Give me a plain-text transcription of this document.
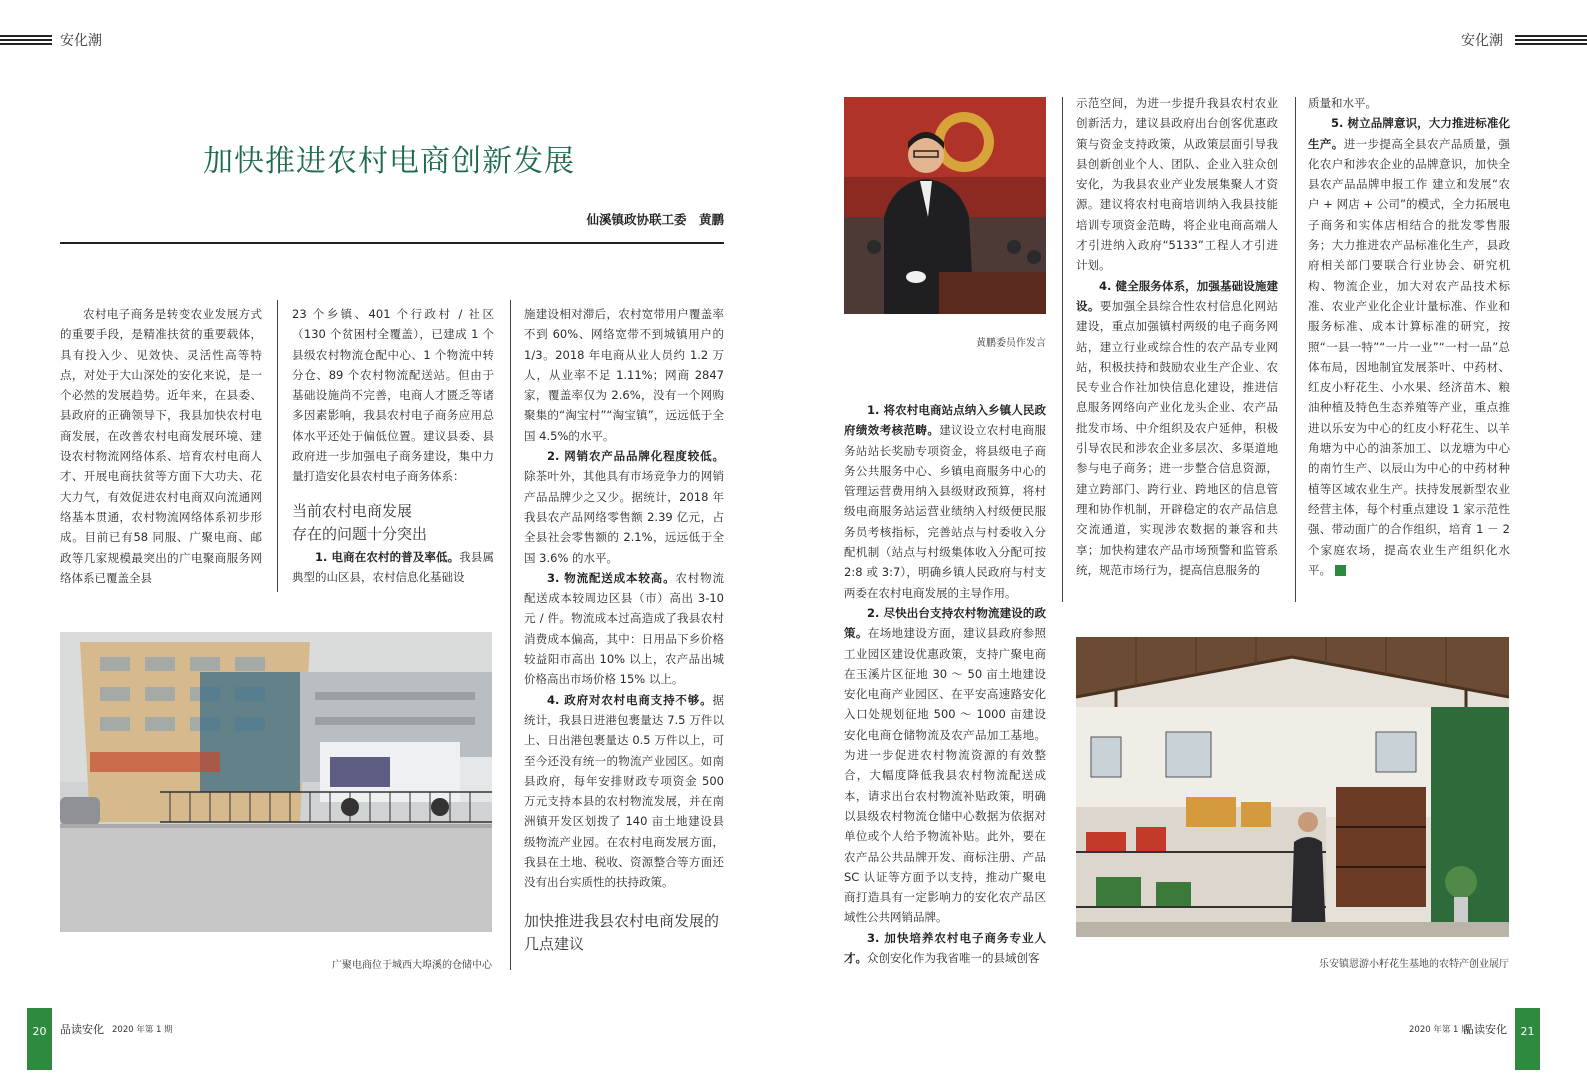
安化潮	安化潮
加快推进农村电商创新发展
仙溪镇政协联工委　黄鹏

农村电子商务是转变农业发展方式的重要手段，是精准扶贫的重要载体，具有投入少、见效快、灵活性高等特点，对处于大山深处的安化来说，是一个必然的发展趋势。近年来，在县委、县政府的正确领导下，我县加快农村电商发展，在改善农村电商发展环境、建设农村物流网络体系、培育农村电商人才、开展电商扶贫等方面下大功夫、花大力气，有效促进农村电商双向流通网络基本贯通，农村物流网络体系初步形成。目前已有58 同服、广聚电商、邮政等几家规模最突出的广电聚商服务网络体系已覆盖全县

23 个乡镇、401 个行政村 / 社区（130 个贫困村全覆盖），已建成 1 个县级农村物流仓配中心、1 个物流中转分仓、89 个农村物流配送站。但由于基础设施尚不完善，电商人才匮乏等诸多因素影响，我县农村电子商务应用总体水平还处于偏低位置。建议县委、县政府进一步加强电子商务建设，集中力量打造安化县农村电子商务体系：

当前农村电商发展
存在的问题十分突出

1. 电商在农村的普及率低。我县属典型的山区县，农村信息化基础设

施建设相对滞后，农村宽带用户覆盖率不到 60%、网络宽带不到城镇用户的 1/3。2018 年电商从业人员约 1.2 万人，从业率不足 1.11%；网商 2847 家，覆盖率仅为 2.6%，没有一个网购聚集的“淘宝村”“淘宝镇”，远远低于全国 4.5%的水平。

2. 网销农产品品牌化程度较低。除茶叶外，其他具有市场竞争力的网销产品品牌少之又少。据统计，2018 年我县农产品网络零售额 2.39 亿元，占全县社会零售额的 2.1%，远远低于全国 3.6% 的水平。

3. 物流配送成本较高。农村物流配送成本较周边区县（市）高出 3-10 元 / 件。物流成本过高造成了我县农村消费成本偏高，其中：日用品下乡价格较益阳市高出 10% 以上，农产品出城价格高出市场价格 15% 以上。

4. 政府对农村电商支持不够。据统计，我县日进港包裹量达 7.5 万件以上、日出港包裹量达 0.5 万件以上，可至今还没有统一的物流产业园区。如南县政府，每年安排财政专项资金 500 万元支持本县的农村物流发展，并在南洲镇开发区划拨了 140 亩土地建设县级物流产业园。在农村电商发展方面，我县在土地、税收、资源整合等方面还没有出台实质性的扶持政策。

加快推进我县农村电商发展的
几点建议
广聚电商位于城西大埠溪的仓储中心
黄鹏委员作发言

1. 将农村电商站点纳入乡镇人民政府绩效考核范畴。建议设立农村电商服务站站长奖励专项资金，将县级电子商务公共服务中心、乡镇电商服务中心的管理运营费用纳入县级财政预算，将村级电商服务站运营业绩纳入村级便民服务员考核指标，完善站点与村委收入分配机制（站点与村级集体收入分配可按 2:8 或 3:7），明确乡镇人民政府与村支两委在农村电商发展的主导作用。

2. 尽快出台支持农村物流建设的政策。在场地建设方面，建议县政府参照工业园区建设优惠政策，支持广聚电商在玉溪片区征地 30 ～ 50 亩土地建设安化电商产业园区、在平安高速路安化入口处规划征地 500 ～ 1000 亩建设安化电商仓储物流及农产品加工基地。为进一步促进农村物流资源的有效整合，大幅度降低我县农村物流配送成本，请求出台农村物流补贴政策，明确以县级农村物流仓储中心数据为依据对单位或个人给予物流补贴。此外，要在农产品公共品牌开发、商标注册、产品 SC 认证等方面予以支持，推动广聚电商打造具有一定影响力的安化农产品区域性公共网销品牌。

3. 加快培养农村电子商务专业人才。众创安化作为我省唯一的县域创客

示范空间，为进一步提升我县农村农业创新活力，建议县政府出台创客优惠政策与资金支持政策，从政策层面引导我县创新创业个人、团队、企业入驻众创安化，为我县农业产业发展集聚人才资源。建议将农村电商培训纳入我县技能培训专项资金范畴，将企业电商高端人才引进纳入政府“5133”工程人才引进计划。

4. 健全服务体系，加强基础设施建设。要加强全县综合性农村信息化网站建设，重点加强镇村两级的电子商务网站，建立行业或综合性的农产品专业网站，积极扶持和鼓励农业生产企业、农民专业合作社加快信息化建设，推进信息服务网络向产业化龙头企业、农产品批发市场、中介组织及农户延伸，积极引导农民和涉农企业多层次、多渠道地参与电子商务；进一步整合信息资源，建立跨部门、跨行业、跨地区的信息管理和协作机制，开辟稳定的农产品信息交流通道，实现涉农数据的兼容和共享；加快构建农产品市场预警和监管系统，规范市场行为，提高信息服务的

质量和水平。

5. 树立品牌意识，大力推进标准化生产。进一步提高全县农产品质量，强化农户和涉农企业的品牌意识，加快全县农产品品牌申报工作 建立和发展“农户 + 网店 + 公司”的模式，全力拓展电子商务和实体店相结合的批发零售服务；大力推进农产品标准化生产，县政府相关部门要联合行业协会、研究机构、物流企业，加大对农产品技术标准、农业产业化企业计量标准、作业和服务标准、成本计算标准的研究，按照“一县一特”“一片一业”“一村一品”总体布局，因地制宜发展茶叶、中药材、红皮小籽花生、小水果、经济苗木、粮油种植及特色生态养殖等产业，重点推进以乐安为中心的红皮小籽花生、以羊角塘为中心的油茶加工、以龙塘为中心的南竹生产、以辰山为中心的中药材种植等区域农业生产。扶持发展新型农业经营主体，每个村重点建设 1 家示范性强、带动面广的合作组织，培育 1 － 2 个家庭农场，提高农业生产组织化水平。	A

乐安镇恩游小籽花生基地的农特产创业展厅
20	品读安化 2020 年第 1 期	2020 年第 1 期
品读安化	21
